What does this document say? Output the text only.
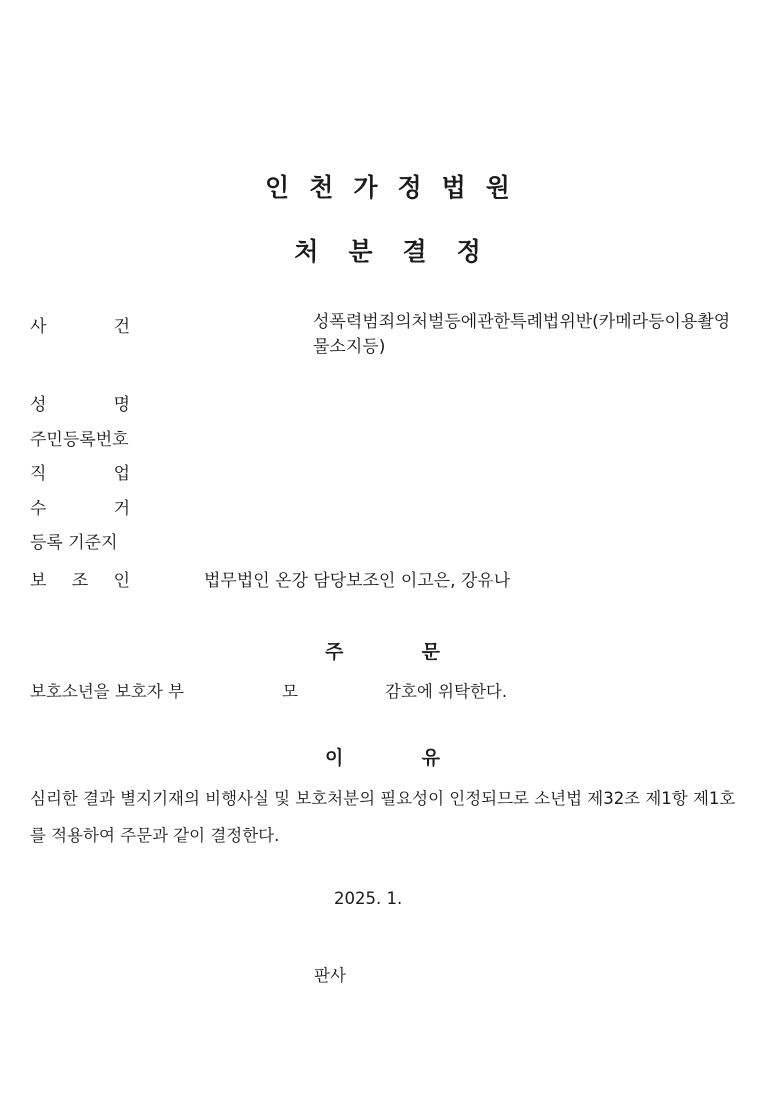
인천가정법원
처분결정
사	건	성폭력범죄의처벌등에관한특례법위반(카메라등이용촬영물소지등)
성	명
주민등록번호
직	업
수	거
등록 기준지
보 조 인	법무법인 온강 담당보조인 이고은, 강유나
주	문
보호소년을 보호자 부	모	감호에 위탁한다.
이	유
심리한 결과 별지기재의 비행사실 및 보호처분의 필요성이 인정되므로 소년법 제32조 제1항 제1호를 적용하여 주문과 같이 결정한다.
2025. 1.
판사
